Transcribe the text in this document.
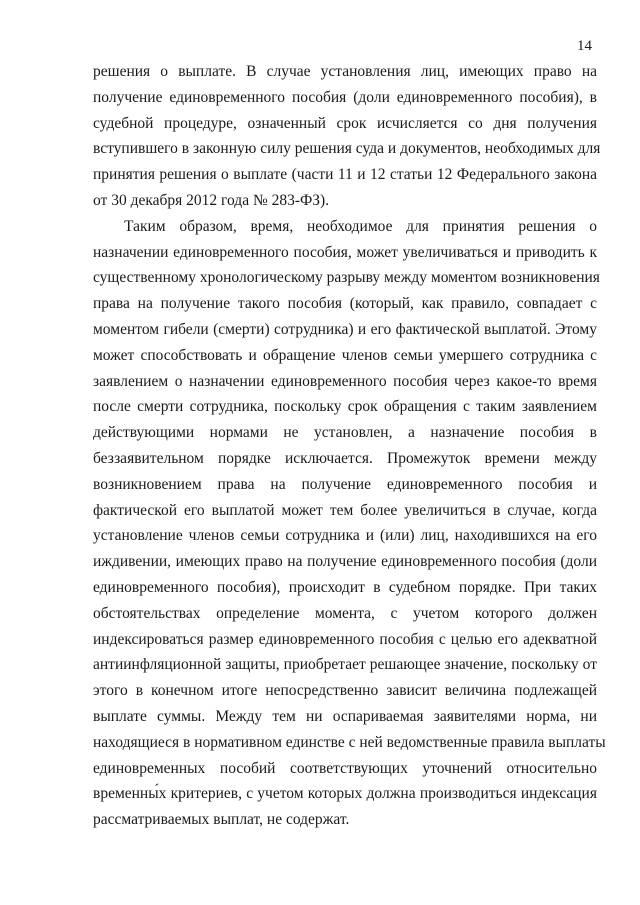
14

решения о выплате. В случае установления лиц, имеющих право на
получение единовременного пособия (доли единовременного пособия), в
судебной процедуре, означенный срок исчисляется со дня получения
вступившего в законную силу решения суда и документов, необходимых для
принятия решения о выплате (части 11 и 12 статьи 12 Федерального закона
от 30 декабря 2012 года № 283-ФЗ).

Таким образом, время, необходимое для принятия решения о
назначении единовременного пособия, может увеличиваться и приводить к
существенному хронологическому разрыву между моментом возникновения
права на получение такого пособия (который, как правило, совпадает с
моментом гибели (смерти) сотрудника) и его фактической выплатой. Этому
может способствовать и обращение членов семьи умершего сотрудника с
заявлением о назначении единовременного пособия через какое-то время
после смерти сотрудника, поскольку срок обращения с таким заявлением
действующими нормами не установлен, а назначение пособия в
беззаявительном порядке исключается. Промежуток времени между
возникновением права на получение единовременного пособия и
фактической его выплатой может тем более увеличиться в случае, когда
установление членов семьи сотрудника и (или) лиц, находившихся на его
иждивении, имеющих право на получение единовременного пособия (доли
единовременного пособия), происходит в судебном порядке. При таких
обстоятельствах определение момента, с учетом которого должен
индексироваться размер единовременного пособия с целью его адекватной
антиинфляционной защиты, приобретает решающее значение, поскольку от
этого в конечном итоге непосредственно зависит величина подлежащей
выплате суммы. Между тем ни оспариваемая заявителями норма, ни
находящиеся в нормативном единстве с ней ведомственные правила выплаты
единовременных пособий соответствующих уточнений относительно
временны́х критериев, с учетом которых должна производиться индексация
рассматриваемых выплат, не содержат.
